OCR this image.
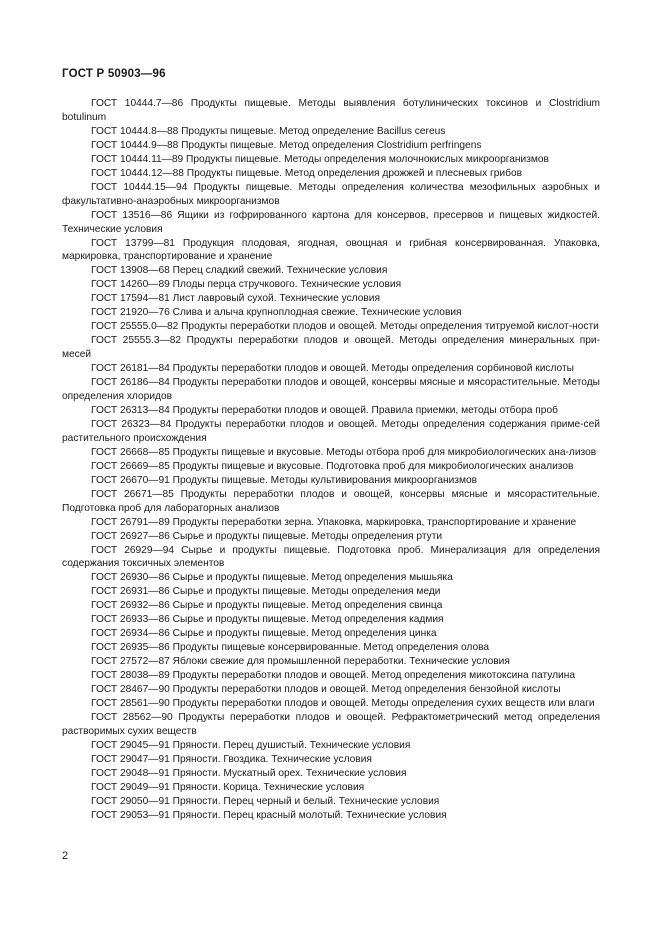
ГОСТ Р 50903—96
ГОСТ 10444.7—86 Продукты пищевые. Методы выявления ботулинических токсинов и Clostridium botulinum
ГОСТ 10444.8—88 Продукты пищевые. Метод определение Bacillus cereus
ГОСТ 10444.9—88 Продукты пищевые. Метод определения Clostridium perfringens
ГОСТ 10444.11—89 Продукты пищевые. Методы определения молочнокислых микроорганизмов
ГОСТ 10444.12—88 Продукты пищевые. Метод определения дрожжей и плесневых грибов
ГОСТ 10444.15—94 Продукты пищевые. Методы определения количества мезофильных аэробных и факультативно-анаэробных микроорганизмов
ГОСТ 13516—86 Ящики из гофрированного картона для консервов, пресервов и пищевых жидкостей. Технические условия
ГОСТ 13799—81 Продукция плодовая, ягодная, овощная и грибная консервированная. Упаковка, маркировка, транспортирование и хранение
ГОСТ 13908—68 Перец сладкий свежий. Технические условия
ГОСТ 14260—89 Плоды перца стручкового. Технические условия
ГОСТ 17594—81 Лист лавровый сухой. Технические условия
ГОСТ 21920—76 Слива и алыча крупноплодная свежие. Технические условия
ГОСТ 25555.0—82 Продукты переработки плодов и овощей. Методы определения титруемой кислот-ности
ГОСТ 25555.3—82 Продукты переработки плодов и овощей. Методы определения минеральных при-месей
ГОСТ 26181—84 Продукты переработки плодов и овощей. Методы определения сорбиновой кислоты
ГОСТ 26186—84 Продукты переработки плодов и овощей, консервы мясные и мясорастительные. Методы определения хлоридов
ГОСТ 26313—84 Продукты переработки плодов и овощей. Правила приемки, методы отбора проб
ГОСТ 26323—84 Продукты переработки плодов и овощей. Методы определения содержания приме-сей растительного происхождения
ГОСТ 26668—85 Продукты пищевые и вкусовые. Методы отбора проб для микробиологических ана-лизов
ГОСТ 26669—85 Продукты пищевые и вкусовые. Подготовка проб для микробиологических анализов
ГОСТ 26670—91 Продукты пищевые. Методы культивирования микроорганизмов
ГОСТ 26671—85 Продукты переработки плодов и овощей, консервы мясные и мясорастительные. Подготовка проб для лабораторных анализов
ГОСТ 26791—89 Продукты переработки зерна. Упаковка, маркировка, транспортирование и хранение
ГОСТ 26927—86 Сырье и продукты пищевые. Методы определения ртути
ГОСТ 26929—94 Сырье и продукты пищевые. Подготовка проб. Минерализация для определения содержания токсичных элементов
ГОСТ 26930—86 Сырье и продукты пищевые. Метод определения мышьяка
ГОСТ 26931—86 Сырье и продукты пищевые. Методы определения меди
ГОСТ 26932—86 Сырье и продукты пищевые. Метод определения свинца
ГОСТ 26933—86 Сырье и продукты пищевые. Метод определения кадмия
ГОСТ 26934—86 Сырье и продукты пищевые. Метод определения цинка
ГОСТ 26935—86 Продукты пищевые консервированные. Метод определения олова
ГОСТ 27572—87 Яблоки свежие для промышленной переработки. Технические условия
ГОСТ 28038—89 Продукты переработки плодов и овощей. Метод определения микотоксина патулина
ГОСТ 28467—90 Продукты переработки плодов и овощей. Метод определения бензойной кислоты
ГОСТ 28561—90 Продукты переработки плодов и овощей. Методы определения сухих веществ или влаги
ГОСТ 28562—90 Продукты переработки плодов и овощей. Рефрактометрический метод определения растворимых сухих веществ
ГОСТ 29045—91 Пряности. Перец душистый. Технические условия
ГОСТ 29047—91 Пряности. Гвоздика. Технические условия
ГОСТ 29048—91 Пряности. Мускатный орех. Технические условия
ГОСТ 29049—91 Пряности. Корица. Технические условия
ГОСТ 29050—91 Пряности. Перец черный и белый. Технические условия
ГОСТ 29053—91 Пряности. Перец красный молотый. Технические условия
2
